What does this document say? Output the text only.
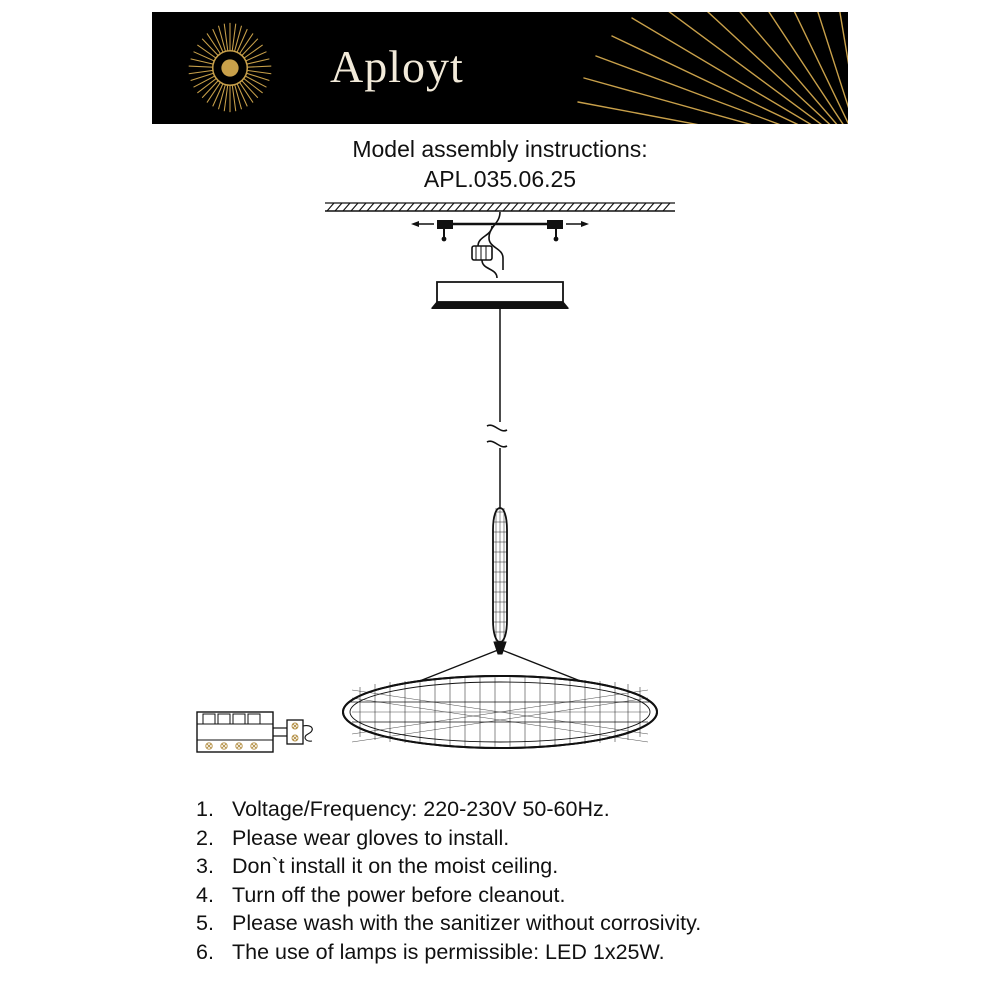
Aployt
Model assembly instructions:
APL.035.06.25
1. Voltage/Frequency: 220-230V 50-60Hz.
2. Please wear gloves to install.
3. Don`t install it on the moist ceiling.
4. Turn off the power before cleanout.
5. Please wash with the sanitizer without corrosivity.
6. The use of lamps is permissible: LED 1x25W.
